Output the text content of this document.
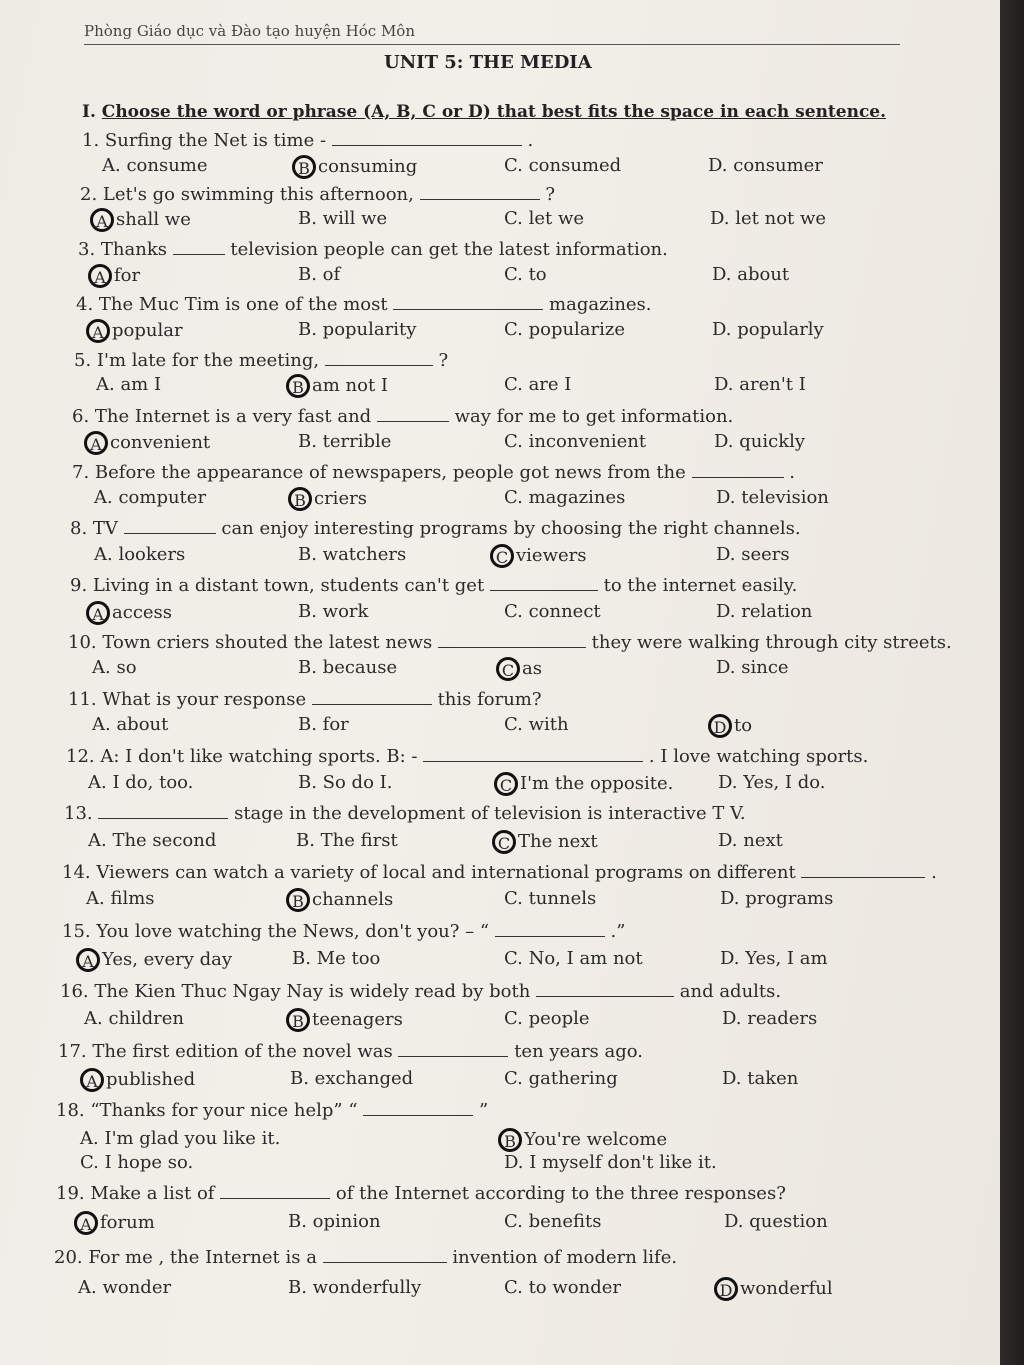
Phòng Giáo dục và Đào tạo huyện Hóc Môn
UNIT 5: THE MEDIA
I. Choose the word or phrase (A, B, C or D) that best fits the space in each sentence.
1. Surfing the Net is time -	.
A. consume	B consuming	C. consumed	D. consumer
2. Let's go swimming this afternoon,	?
A shall we	B. will we	C. let we	D. let not we
3. Thanks	television people can get the latest information.
A for	B. of	C. to	D. about
4. The Muc Tim is one of the most	magazines.
A popular	B. popularity	C. popularize	D. popularly
5. I'm late for the meeting,	?
A. am I	B am not I	C. are I	D. aren't I
6. The Internet is a very fast and	way for me to get information.
A convenient	B. terrible	C. inconvenient	D. quickly
7. Before the appearance of newspapers, people got news from the	.
A. computer	B criers	C. magazines	D. television
8. TV	can enjoy interesting programs by choosing the right channels.
A. lookers	B. watchers	C viewers	D. seers
9. Living in a distant town, students can't get	to the internet easily.
A access	B. work	C. connect	D. relation
10. Town criers shouted the latest news	they were walking through city streets.
A. so	B. because	C as	D. since
11. What is your response	this forum?
A. about	B. for	C. with	D to
12. A: I don't like watching sports. B: -	. I love watching sports.
A. I do, too.	B. So do I.	C I'm the opposite. D. Yes, I do.
13.	stage in the development of television is interactive T V.
A. The second	B. The first	C The next	D. next
14. Viewers can watch a variety of local and international programs on different	.
A. films	B channels	C. tunnels	D. programs
15. You love watching the News, don't you? – “	.”
A Yes, every day	B. Me too	C. No, I am not	D. Yes, I am
16. The Kien Thuc Ngay Nay is widely read by both	and adults.
A. children	B teenagers	C. people	D. readers
17. The first edition of the novel was	ten years ago.
A published	B. exchanged	C. gathering	D. taken
18. “Thanks for your nice help” “	”
A. I'm glad you like it.	B You're welcome
C. I hope so.	D. I myself don't like it.
19. Make a list of	of the Internet according to the three responses?
A forum	B. opinion	C. benefits	D. question
20. For me , the Internet is a	invention of modern life.
A. wonder	B. wonderfully	C. to wonder	D wonderful
